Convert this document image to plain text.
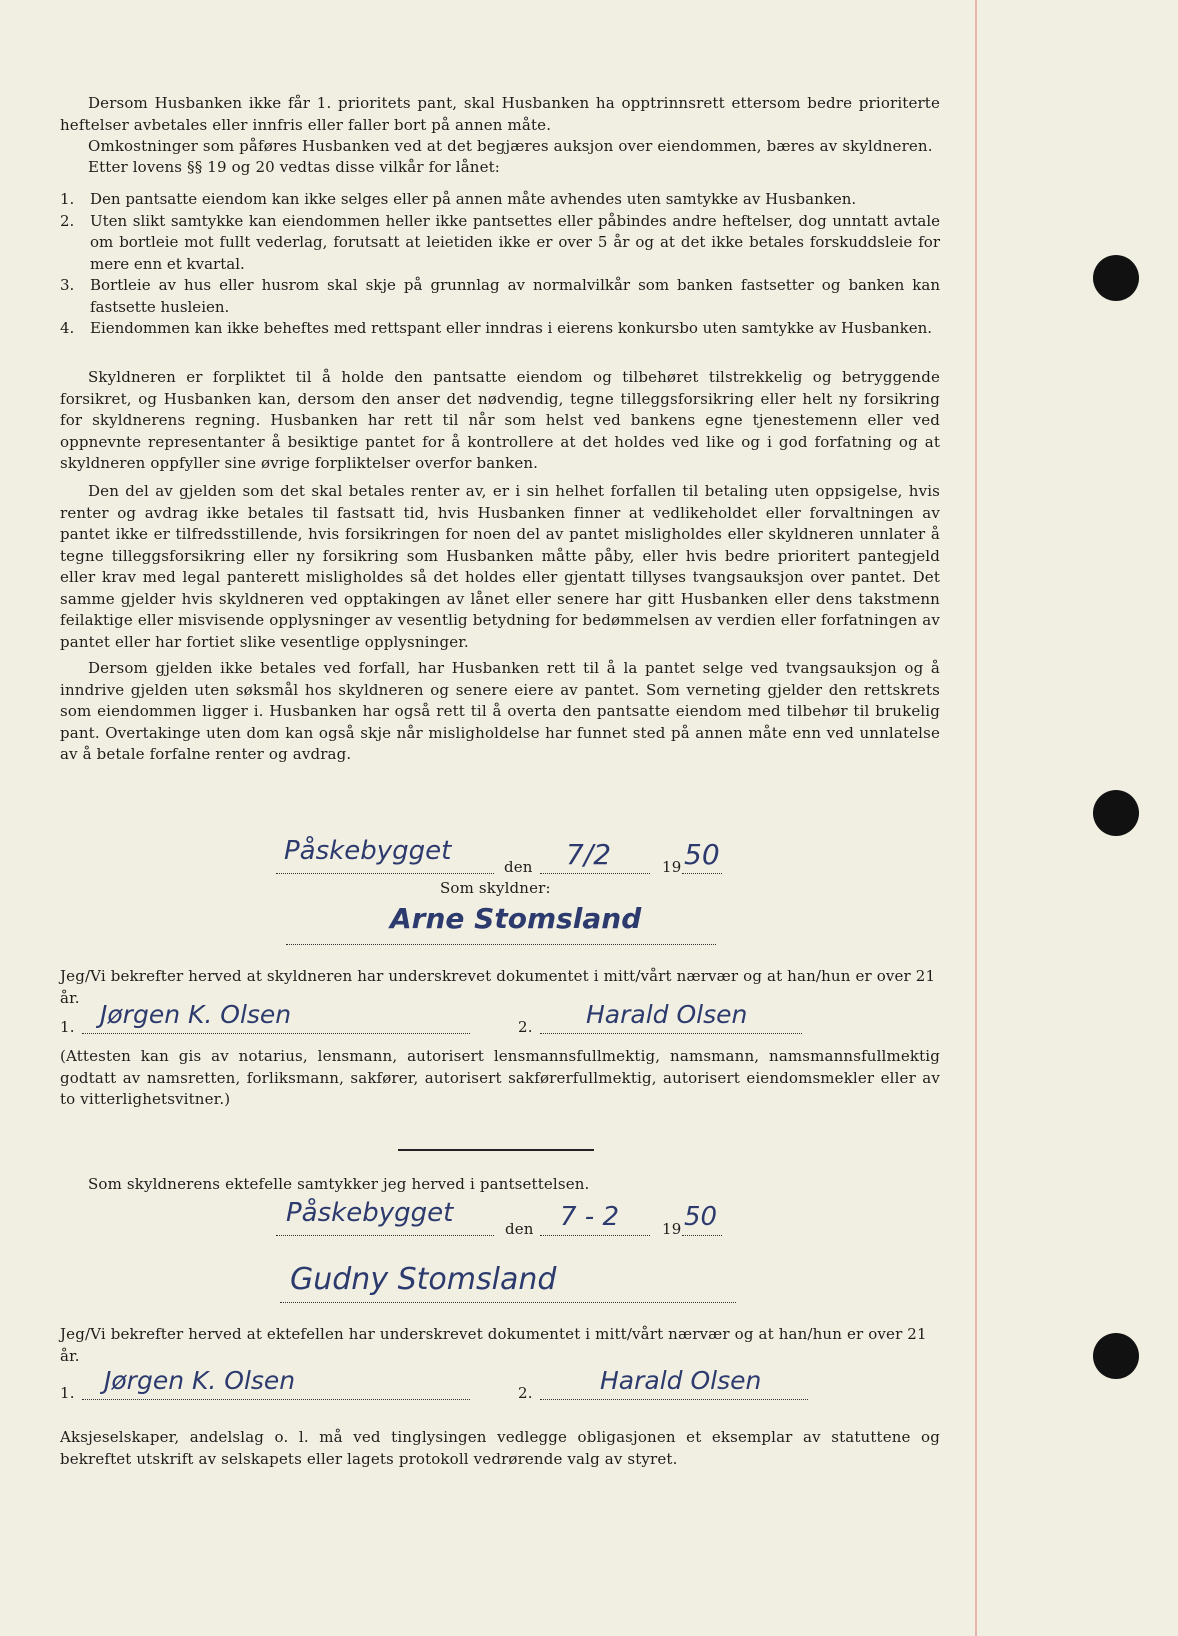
Dersom Husbanken ikke får 1. prioritets pant, skal Husbanken ha opptrinnsrett ettersom bedre prioriterte heftelser avbetales eller innfris eller faller bort på annen måte.
Omkostninger som påføres Husbanken ved at det begjæres auksjon over eiendommen, bæres av skyldneren.
Etter lovens §§ 19 og 20 vedtas disse vilkår for lånet:
1.	Den pantsatte eiendom kan ikke selges eller på annen måte avhendes uten samtykke av Husbanken.
2.	Uten slikt samtykke kan eiendommen heller ikke pantsettes eller påbindes andre heftelser, dog unntatt avtale om bortleie mot fullt vederlag, forutsatt at leietiden ikke er over 5 år og at det ikke betales forskuddsleie for mere enn et kvartal.
3.	Bortleie av hus eller husrom skal skje på grunnlag av normalvilkår som banken fastsetter og banken kan fastsette husleien.
4.	Eiendommen kan ikke beheftes med rettspant eller inndras i eierens konkursbo uten samtykke av Husbanken.
Skyldneren er forpliktet til å holde den pantsatte eiendom og tilbehøret tilstrekkelig og betryggende forsikret, og Husbanken kan, dersom den anser det nødvendig, tegne tilleggsforsikring eller helt ny forsikring for skyldnerens regning. Husbanken har rett til når som helst ved bankens egne tjenestemenn eller ved oppnevnte representanter å besiktige pantet for å kontrollere at det holdes ved like og i god forfatning og at skyldneren oppfyller sine øvrige forpliktelser overfor banken.
Den del av gjelden som det skal betales renter av, er i sin helhet forfallen til betaling uten oppsigelse, hvis renter og avdrag ikke betales til fastsatt tid, hvis Husbanken finner at vedlikeholdet eller forvaltningen av pantet ikke er tilfredsstillende, hvis forsikringen for noen del av pantet misligholdes eller skyldneren unnlater å tegne tilleggsforsikring eller ny forsikring som Husbanken måtte påby, eller hvis bedre prioritert pantegjeld eller krav med legal panterett misligholdes så det holdes eller gjentatt tillyses tvangsauksjon over pantet. Det samme gjelder hvis skyldneren ved opptakingen av lånet eller senere har gitt Husbanken eller dens takstmenn feilaktige eller misvisende opplysninger av vesentlig betydning for bedømmelsen av verdien eller forfatningen av pantet eller har fortiet slike vesentlige opplysninger.
Dersom gjelden ikke betales ved forfall, har Husbanken rett til å la pantet selge ved tvangsauksjon og å inndrive gjelden uten søksmål hos skyldneren og senere eiere av pantet. Som verneting gjelder den rettskrets som eiendommen ligger i. Husbanken har også rett til å overta den pantsatte eiendom med tilbehør til brukelig pant. Overtakinge uten dom kan også skje når misligholdelse har funnet sted på annen måte enn ved unnlatelse av å betale forfalne renter og avdrag.
Påskebygget
den 7/2	19 50
Som skyldner:
Arne Stomsland
Jeg/Vi bekrefter herved at skyldneren har underskrevet dokumentet i mitt/vårt nærvær og at han/hun er over 21 år.
1. Jørgen K. Olsen	2. Harald Olsen
(Attesten kan gis av notarius, lensmann, autorisert lensmannsfullmektig, namsmann, namsmannsfullmektig godtatt av namsretten, forliksmann, sakfører, autorisert sakførerfullmektig, autorisert eiendomsmekler eller av to vitterlighetsvitner.)
Som skyldnerens ektefelle samtykker jeg herved i pantsettelsen.
Påskebygget
den 7 - 2	19 50
Gudny Stomsland
Jeg/Vi bekrefter herved at ektefellen har underskrevet dokumentet i mitt/vårt nærvær og at han/hun er over 21 år.
1. Jørgen K. Olsen	2.	Harald Olsen
Aksjeselskaper, andelslag o. l. må ved tinglysingen vedlegge obligasjonen et eksemplar av statuttene og bekreftet utskrift av selskapets eller lagets protokoll vedrørende valg av styret.
